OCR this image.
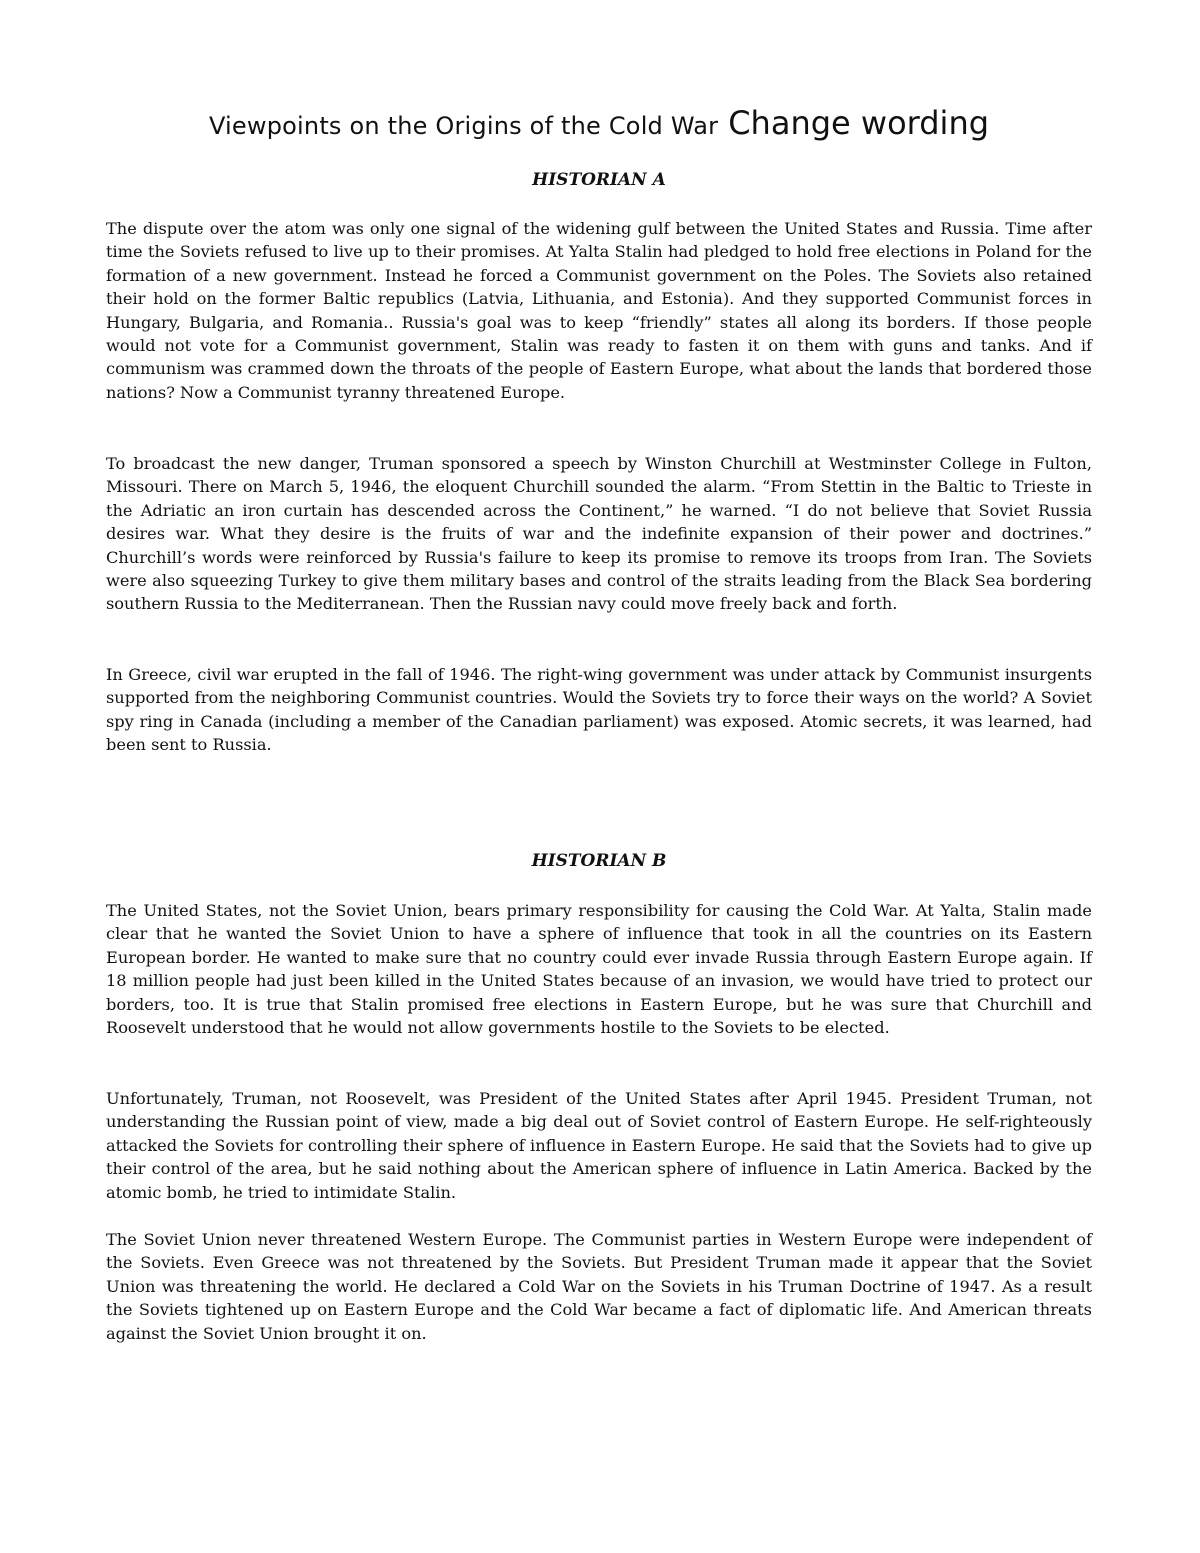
Viewpoints on the Origins of the Cold War Change wording
HISTORIAN A

The dispute over the atom was only one signal of the widening gulf between the United States and Russia. Time after time the Soviets refused to live up to their promises. At Yalta Stalin had pledged to hold free elections in Poland for the formation of a new government. Instead he forced a Communist government on the Poles. The Soviets also retained their hold on the former Baltic republics (Latvia, Lithuania, and Estonia). And they supported Communist forces in Hungary, Bulgaria, and Romania.. Russia's goal was to keep “friendly” states all along its borders. If those people would not vote for a Communist government, Stalin was ready to fasten it on them with guns and tanks. And if communism was crammed down the throats of the people of Eastern Europe, what about the lands that bordered those nations? Now a Communist tyranny threatened Europe.

To broadcast the new danger, Truman sponsored a speech by Winston Churchill at Westminster College in Fulton, Missouri. There on March 5, 1946, the eloquent Churchill sounded the alarm. “From Stettin in the Baltic to Trieste in the Adriatic an iron curtain has descended across the Continent,” he warned. “I do not believe that Soviet Russia desires war. What they desire is the fruits of war and the indefinite expansion of their power and doctrines.” Churchill’s words were reinforced by Russia's failure to keep its promise to remove its troops from Iran. The Soviets were also squeezing Turkey to give them military bases and control of the straits leading from the Black Sea bordering southern Russia to the Mediterranean. Then the Russian navy could move freely back and forth.

In Greece, civil war erupted in the fall of 1946. The right-wing government was under attack by Communist insurgents supported from the neighboring Communist countries. Would the Soviets try to force their ways on the world? A Soviet spy ring in Canada (including a member of the Canadian parliament) was exposed. Atomic secrets, it was learned, had been sent to Russia.

HISTORIAN B

The United States, not the Soviet Union, bears primary responsibility for causing the Cold War. At Yalta, Stalin made clear that he wanted the Soviet Union to have a sphere of influence that took in all the countries on its Eastern European border. He wanted to make sure that no country could ever invade Russia through Eastern Europe again. If 18 million people had just been killed in the United States because of an invasion, we would have tried to protect our borders, too. It is true that Stalin promised free elections in Eastern Europe, but he was sure that Churchill and Roosevelt understood that he would not allow governments hostile to the Soviets to be elected.

Unfortunately, Truman, not Roosevelt, was President of the United States after April 1945. President Truman, not understanding the Russian point of view, made a big deal out of Soviet control of Eastern Europe. He self-righteously attacked the Soviets for controlling their sphere of influence in Eastern Europe. He said that the Soviets had to give up their control of the area, but he said nothing about the American sphere of influence in Latin America. Backed by the atomic bomb, he tried to intimidate Stalin.

The Soviet Union never threatened Western Europe. The Communist parties in Western Europe were independent of the Soviets. Even Greece was not threatened by the Soviets. But President Truman made it appear that the Soviet Union was threatening the world. He declared a Cold War on the Soviets in his Truman Doctrine of 1947. As a result the Soviets tightened up on Eastern Europe and the Cold War became a fact of diplomatic life. And American threats against the Soviet Union brought it on.
